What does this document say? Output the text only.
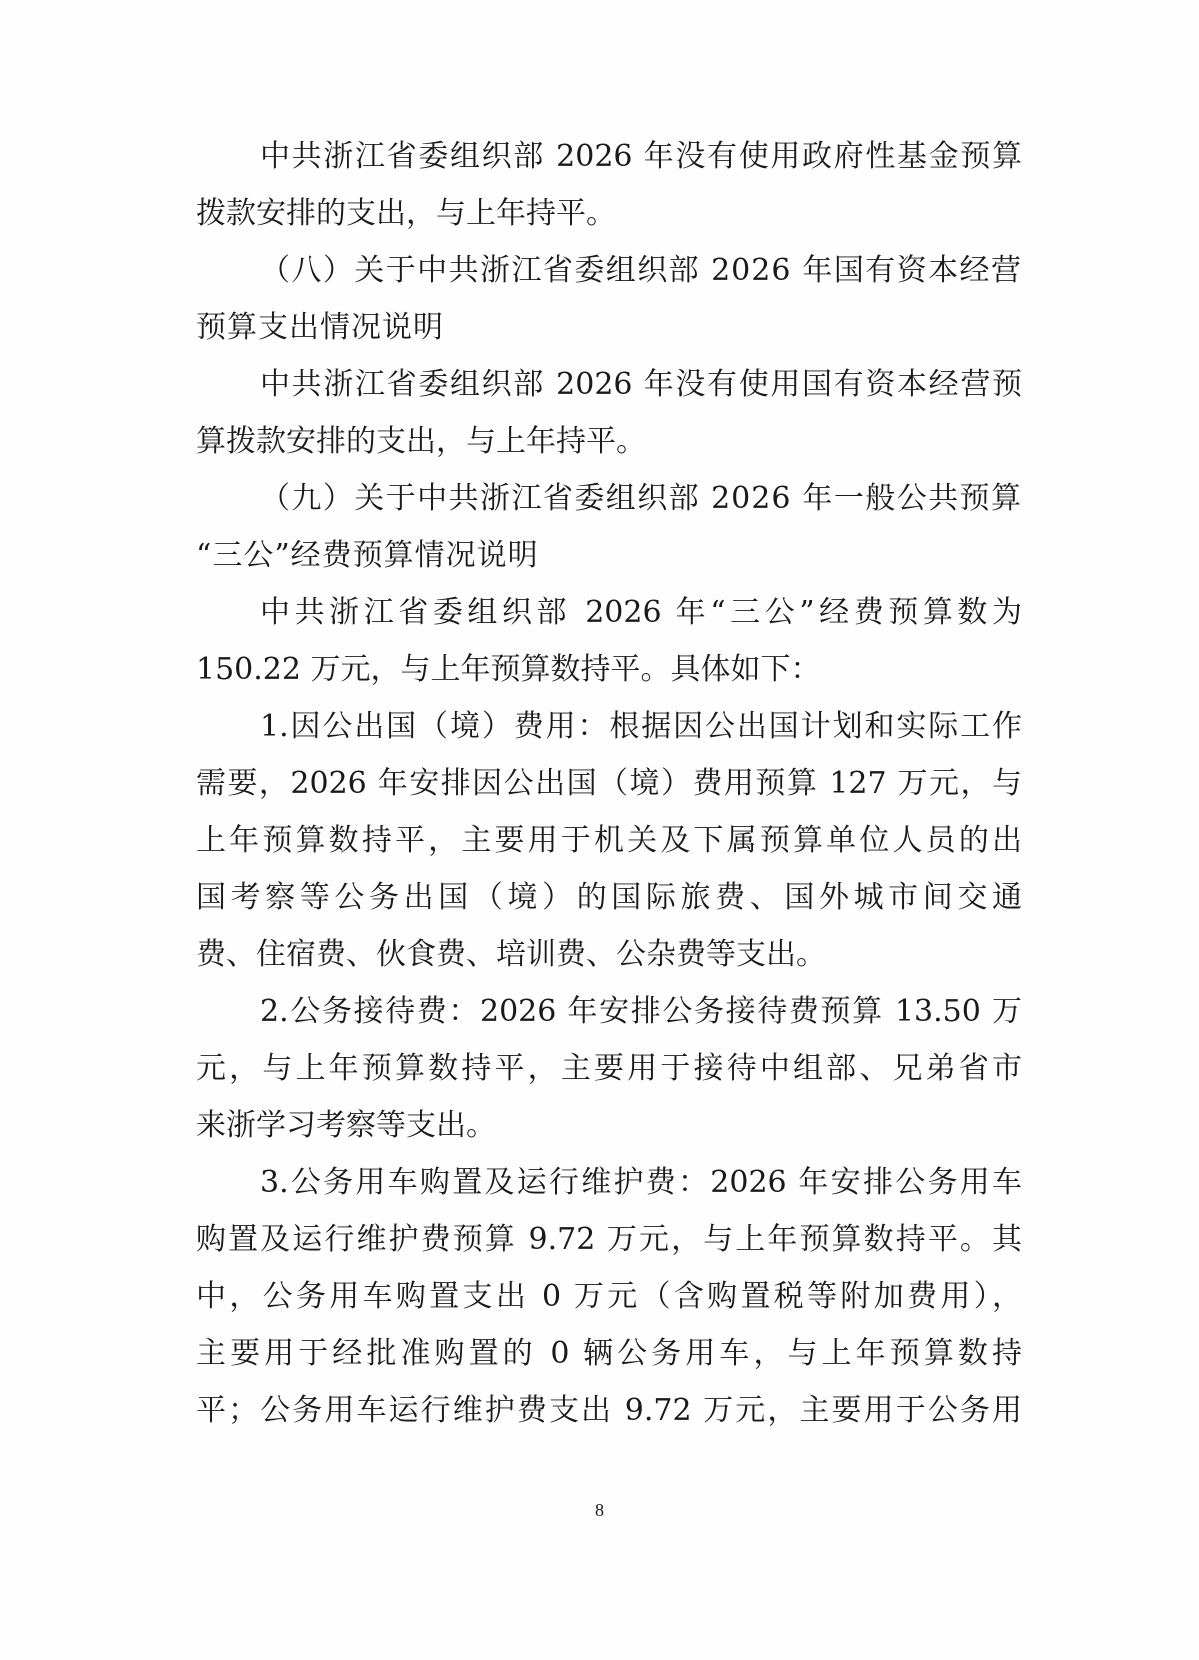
中共浙江省委组织部 2026 年没有使用政府性基金预算
拨款安排的支出，与上年持平。
（八）关于中共浙江省委组织部 2026 年国有资本经营
预算支出情况说明
中共浙江省委组织部 2026 年没有使用国有资本经营预
算拨款安排的支出，与上年持平。
（九）关于中共浙江省委组织部 2026 年一般公共预算
“三公”经费预算情况说明
中共浙江省委组织部 2026 年“三公”经费预算数为
150.22 万元，与上年预算数持平。具体如下：
1.因公出国（境）费用：根据因公出国计划和实际工作
需要，2026 年安排因公出国（境）费用预算 127 万元，与
上年预算数持平，主要用于机关及下属预算单位人员的出
国考察等公务出国（境）的国际旅费、国外城市间交通
费、住宿费、伙食费、培训费、公杂费等支出。
2.公务接待费：2026 年安排公务接待费预算 13.50 万
元，与上年预算数持平，主要用于接待中组部、兄弟省市
来浙学习考察等支出。
3.公务用车购置及运行维护费：2026 年安排公务用车
购置及运行维护费预算 9.72 万元，与上年预算数持平。其
中，公务用车购置支出 0 万元（含购置税等附加费用），
主要用于经批准购置的 0 辆公务用车，与上年预算数持
平；公务用车运行维护费支出 9.72 万元，主要用于公务用
8
